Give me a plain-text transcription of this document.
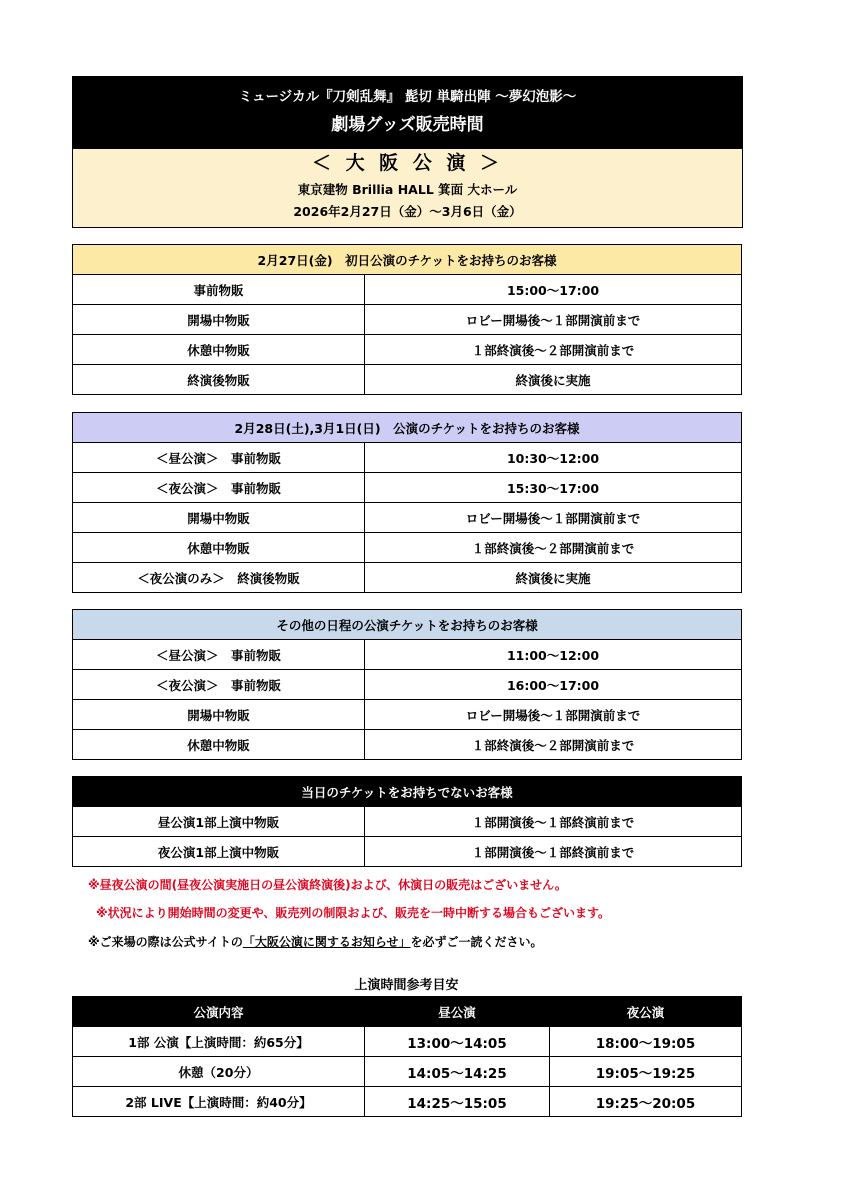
ミュージカル『刀剣乱舞』 髭切 単騎出陣 ～夢幻泡影～
劇場グッズ販売時間
＜ 大 阪 公 演 ＞
東京建物 Brillia HALL 箕面 大ホール
2026年2月27日（金）～3月6日（金）
2月27日(金)　初日公演のチケットをお持ちのお客様	
事前物販	15:00～17:00
開場中物販	ロビー開場後～１部開演前まで
休憩中物販	１部終演後～２部開演前まで
終演後物販	終演後に実施
2月28日(土),3月1日(日)　公演のチケットをお持ちのお客様	
＜昼公演＞　事前物販	10:30～12:00
＜夜公演＞　事前物販	15:30～17:00
開場中物販	ロビー開場後～１部開演前まで
休憩中物販	１部終演後～２部開演前まで
＜夜公演のみ＞　終演後物販	終演後に実施
その他の日程の公演チケットをお持ちのお客様	
＜昼公演＞　事前物販	11:00～12:00
＜夜公演＞　事前物販	16:00～17:00
開場中物販	ロビー開場後～１部開演前まで
休憩中物販	１部終演後～２部開演前まで
当日のチケットをお持ちでないお客様	
昼公演1部上演中物販	１部開演後～１部終演前まで
夜公演1部上演中物販	１部開演後～１部終演前まで
※昼夜公演の間(昼夜公演実施日の昼公演終演後)および、休演日の販売はございません。
※状況により開始時間の変更や、販売列の制限および、販売を一時中断する場合もございます。
※ご来場の際は公式サイトの「大阪公演に関するお知らせ」を必ずご一読ください。
上演時間参考目安
公演内容	昼公演	夜公演
1部 公演【上演時間：約65分】	13:00～14:05	18:00～19:05
休憩（20分）	14:05～14:25	19:05～19:25
2部 LIVE【上演時間：約40分】	14:25～15:05	19:25～20:05
